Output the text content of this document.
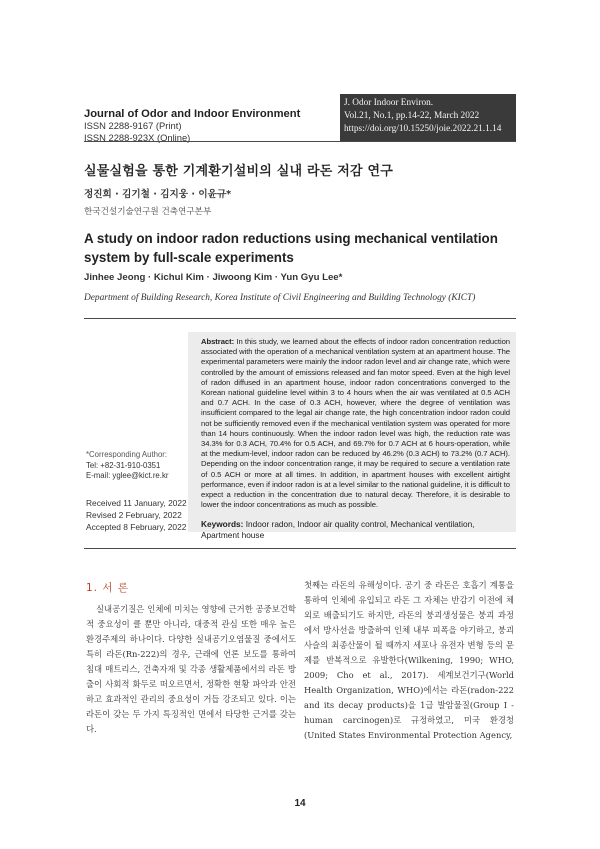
Journal of Odor and Indoor Environment
ISSN 2288-9167 (Print)
ISSN 2288-923X (Online)
J. Odor Indoor Environ.
Vol.21, No.1, pp.14-22, March 2022
https://doi.org/10.15250/joie.2022.21.1.14
실물실험을 통한 기계환기설비의 실내 라돈 저감 연구
정진희 · 김기철 · 김지웅 · 이윤규*
한국건설기술연구원 건축연구본부
A study on indoor radon reductions using mechanical ventilation system by full-scale experiments
Jinhee Jeong · Kichul Kim · Jiwoong Kim · Yun Gyu Lee*
Department of Building Research, Korea Institute of Civil Engineering and Building Technology (KICT)
Abstract: In this study, we learned about the effects of indoor radon concentration reduction associated with the operation of a mechanical ventilation system at an apartment house. The experimental parameters were mainly the indoor radon level and air change rate, which were controlled by the amount of emissions released and fan motor speed. Even at the high level of radon diffused in an apartment house, indoor radon concentrations converged to the Korean national guideline level within 3 to 4 hours when the air was ventilated at 0.5 ACH and 0.7 ACH. In the case of 0.3 ACH, however, where the degree of ventilation was insufficient compared to the legal air change rate, the high concentration indoor radon could not be sufficiently removed even if the mechanical ventilation system was operated for more than 14 hours continuously. When the indoor radon level was high, the reduction rate was 34.3% for 0.3 ACH, 70.4% for 0.5 ACH, and 69.7% for 0.7 ACH at 6 hours-operation, while at the medium-level, indoor radon can be reduced by 46.2% (0.3 ACH) to 73.2% (0.7 ACH). Depending on the indoor concentration range, it may be required to secure a ventilation rate of 0.5 ACH or more at all times. In addition, in apartment houses with excellent airtight performance, even if indoor radon is at a level similar to the national guideline, it is difficult to expect a reduction in the concentration due to natural decay. Therefore, it is desirable to lower the indoor concentrations as much as possible.
Keywords: Indoor radon, Indoor air quality control, Mechanical ventilation, Apartment house
*Corresponding Author:
Tel: +82-31-910-0351
E-mail: yglee@kict.re.kr
Received 11 January, 2022
Revised 2 February, 2022
Accepted 8 February, 2022
1. 서 론
실내공기질은 인체에 미치는 영향에 근거한 공중보건학적 중요성이 클 뿐만 아니라, 대중적 관심 또한 매우 높은 환경주제의 하나이다. 다양한 실내공기오염물질 중에서도 특히 라돈(Rn-222)의 경우, 근래에 언론 보도를 통하여 침대 매트리스, 건축자재 및 각종 생활제품에서의 라돈 방출이 사회적 화두로 떠오르면서, 정확한 현황 파악과 안전하고 효과적인 관리의 중요성이 거듭 강조되고 있다. 이는 라돈이 갖는 두 가지 특징적인 면에서 타당한 근거를 갖는다.
첫째는 라돈의 유해성이다. 공기 중 라돈은 호흡기 계통을 통하여 인체에 유입되고 라돈 그 자체는 반감기 이전에 체외로 배출되기도 하지만, 라돈의 붕괴생성물은 붕괴 과정에서 방사선을 방출하여 인체 내부 피폭을 야기하고, 붕괴사슬의 최종산물이 될 때까지 세포나 유전자 변형 등의 문제를 반복적으로 유발한다(Wilkening, 1990; WHO, 2009; Cho et al., 2017). 세계보건기구(World Health Organization, WHO)에서는 라돈(radon-222 and its decay products)을 1급 발암물질(Group I - human carcinogen)로 규정하였고, 미국 환경청(United States Environmental Protection Agency,
14
